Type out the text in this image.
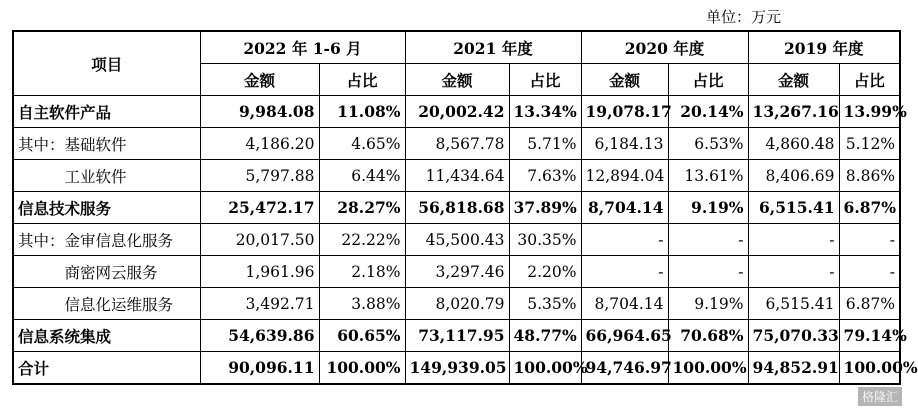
单位：万元
项目	2022 年 1-6 月		2021 年度		2020 年度		2019 年度	
	金额	占比	金额	占比	金额	占比	金额	占比
自主软件产品	9,984.08	11.08%	20,002.42	13.34%	19,078.17	20.14%	13,267.16	13.99%
其中：基础软件	4,186.20	4.65%	8,567.78	5.71%	6,184.13	6.53%	4,860.48	5.12%
　　　工业软件	5,797.88	6.44%	11,434.64	7.63%	12,894.04	13.61%	8,406.69	8.86%
信息技术服务	25,472.17	28.27%	56,818.68	37.89%	8,704.14	9.19%	6,515.41	6.87%
其中：金审信息化服务	20,017.50	22.22%	45,500.43	30.35%	-	-	-	-
　　　商密网云服务	1,961.96	2.18%	3,297.46	2.20%	-	-	-	-
　　　信息化运维服务	3,492.71	3.88%	8,020.79	5.35%	8,704.14	9.19%	6,515.41	6.87%
信息系统集成	54,639.86	60.65%	73,117.95	48.77%	66,964.65	70.68%	75,070.33	79.14%
合计	90,096.11	100.00%	149,939.05	100.00%	94,746.97	100.00%	94,852.91	100.00%
格隆汇
